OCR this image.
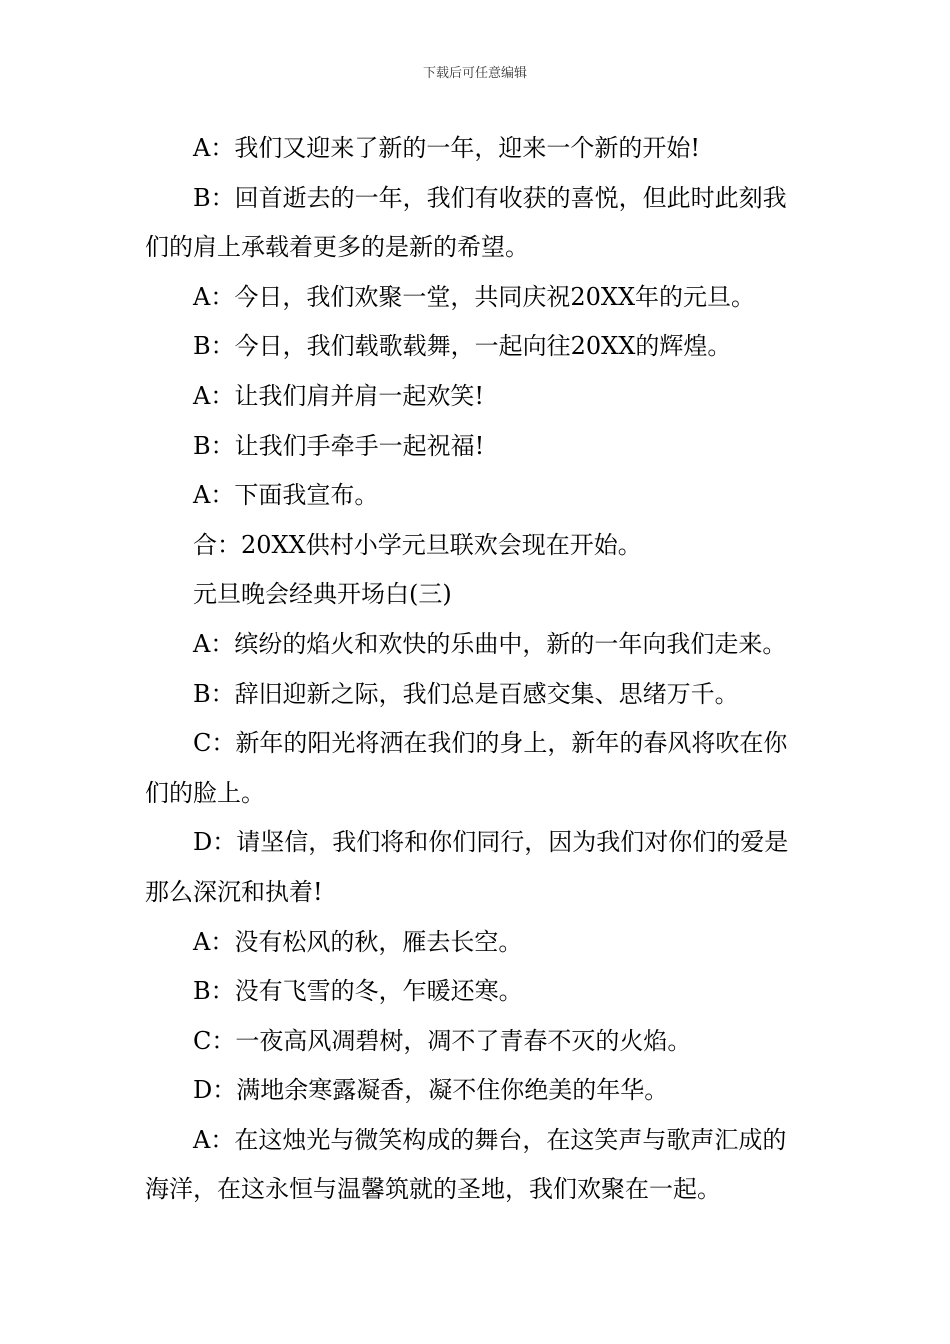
下载后可任意编辑

A：我们又迎来了新的一年，迎来一个新的开始!

B：回首逝去的一年，我们有收获的喜悦，但此时此刻我们的肩上承载着更多的是新的希望。

A：今日，我们欢聚一堂，共同庆祝20XX年的元旦。

B：今日，我们载歌载舞，一起向往20XX的辉煌。

A：让我们肩并肩一起欢笑!

B：让我们手牵手一起祝福!

A：下面我宣布。

合：20XX供村小学元旦联欢会现在开始。

元旦晚会经典开场白(三)

A：缤纷的焰火和欢快的乐曲中，新的一年向我们走来。

B：辞旧迎新之际，我们总是百感交集、思绪万千。

C：新年的阳光将洒在我们的身上，新年的春风将吹在你们的脸上。

D：请坚信，我们将和你们同行，因为我们对你们的爱是那么深沉和执着!

A：没有松风的秋，雁去长空。

B：没有飞雪的冬，乍暖还寒。

C：一夜高风凋碧树，凋不了青春不灭的火焰。

D：满地余寒露凝香，凝不住你绝美的年华。

A：在这烛光与微笑构成的舞台，在这笑声与歌声汇成的海洋，在这永恒与温馨筑就的圣地，我们欢聚在一起。
